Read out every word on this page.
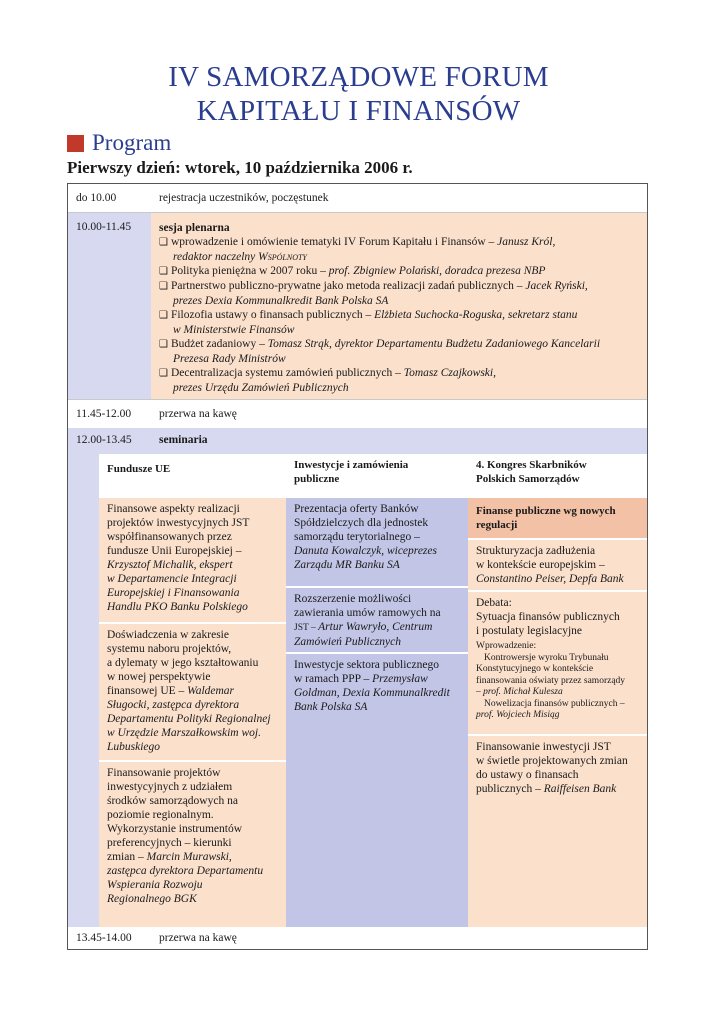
IV SAMORZĄDOWE FORUM
KAPITAŁU I FINANSÓW
Program
Pierwszy dzień: wtorek, 10 października 2006 r.
do 10.00	rejestracja uczestników, poczęstunek
10.00-11.45 sesja plenarna
❑ wprowadzenie i omówienie tematyki IV Forum Kapitału i Finansów – Janusz Król,
redaktor naczelny Wspólnoty
❑ Polityka pieniężna w 2007 roku – prof. Zbigniew Polański, doradca prezesa NBP
❑ Partnerstwo publiczno-prywatne jako metoda realizacji zadań publicznych – Jacek Ryński,
prezes Dexia Kommunalkredit Bank Polska SA
❑ Filozofia ustawy o finansach publicznych – Elżbieta Suchocka-Roguska, sekretarz stanu
w Ministerstwie Finansów
❑ Budżet zadaniowy – Tomasz Strąk, dyrektor Departamentu Budżetu Zadaniowego Kancelarii
Prezesa Rady Ministrów
❑ Decentralizacja systemu zamówień publicznych – Tomasz Czajkowski,
prezes Urzędu Zamówień Publicznych
11.45-12.00 przerwa na kawę
12.00-13.45 seminaria
Fundusze UE
Finansowe aspekty realizacji
projektów inwestycyjnych JST
współfinansowanych przez
fundusze Unii Europejskiej –
Krzysztof Michalik, ekspert
w Departamencie Integracji
Europejskiej i Finansowania
Handlu PKO Banku Polskiego
Doświadczenia w zakresie
systemu naboru projektów,
a dylematy w jego kształtowaniu
w nowej perspektywie
finansowej UE – Waldemar
Sługocki, zastępca dyrektora
Departamentu Polityki Regionalnej
w Urzędzie Marszałkowskim woj.
Lubuskiego
Finansowanie projektów
inwestycyjnych z udziałem
środków samorządowych na
poziomie regionalnym.
Wykorzystanie instrumentów
preferencyjnych – kierunki
zmian – Marcin Murawski,
zastępca dyrektora Departamentu
Wspierania Rozwoju
Regionalnego BGK
Inwestycje i zamówienia
publiczne
Prezentacja oferty Banków
Spółdzielczych dla jednostek
samorządu terytorialnego –
Danuta Kowalczyk, wiceprezes
Zarządu MR Banku SA
Rozszerzenie możliwości
zawierania umów ramowych na
JST – Artur Wawryło, Centrum
Zamówień Publicznych
Inwestycje sektora publicznego
w ramach PPP – Przemysław
Goldman, Dexia Kommunalkredit
Bank Polska SA
4. Kongres Skarbników
Polskich Samorządów
Finanse publiczne wg nowych
regulacji
Strukturyzacja zadłużenia
w kontekście europejskim –
Constantino Peiser, Depfa Bank
Debata:
Sytuacja finansów publicznych
i postulaty legislacyjne
Wprowadzenie:
Kontrowersje wyroku Trybunału
Konstytucyjnego w kontekście
finansowania oświaty przez samorządy
– prof. Michał Kulesza
Nowelizacja finansów publicznych –
prof. Wojciech Misiąg
Finansowanie inwestycji JST
w świetle projektowanych zmian
do ustawy o finansach
publicznych – Raiffeisen Bank
13.45-14.00 przerwa na kawę
